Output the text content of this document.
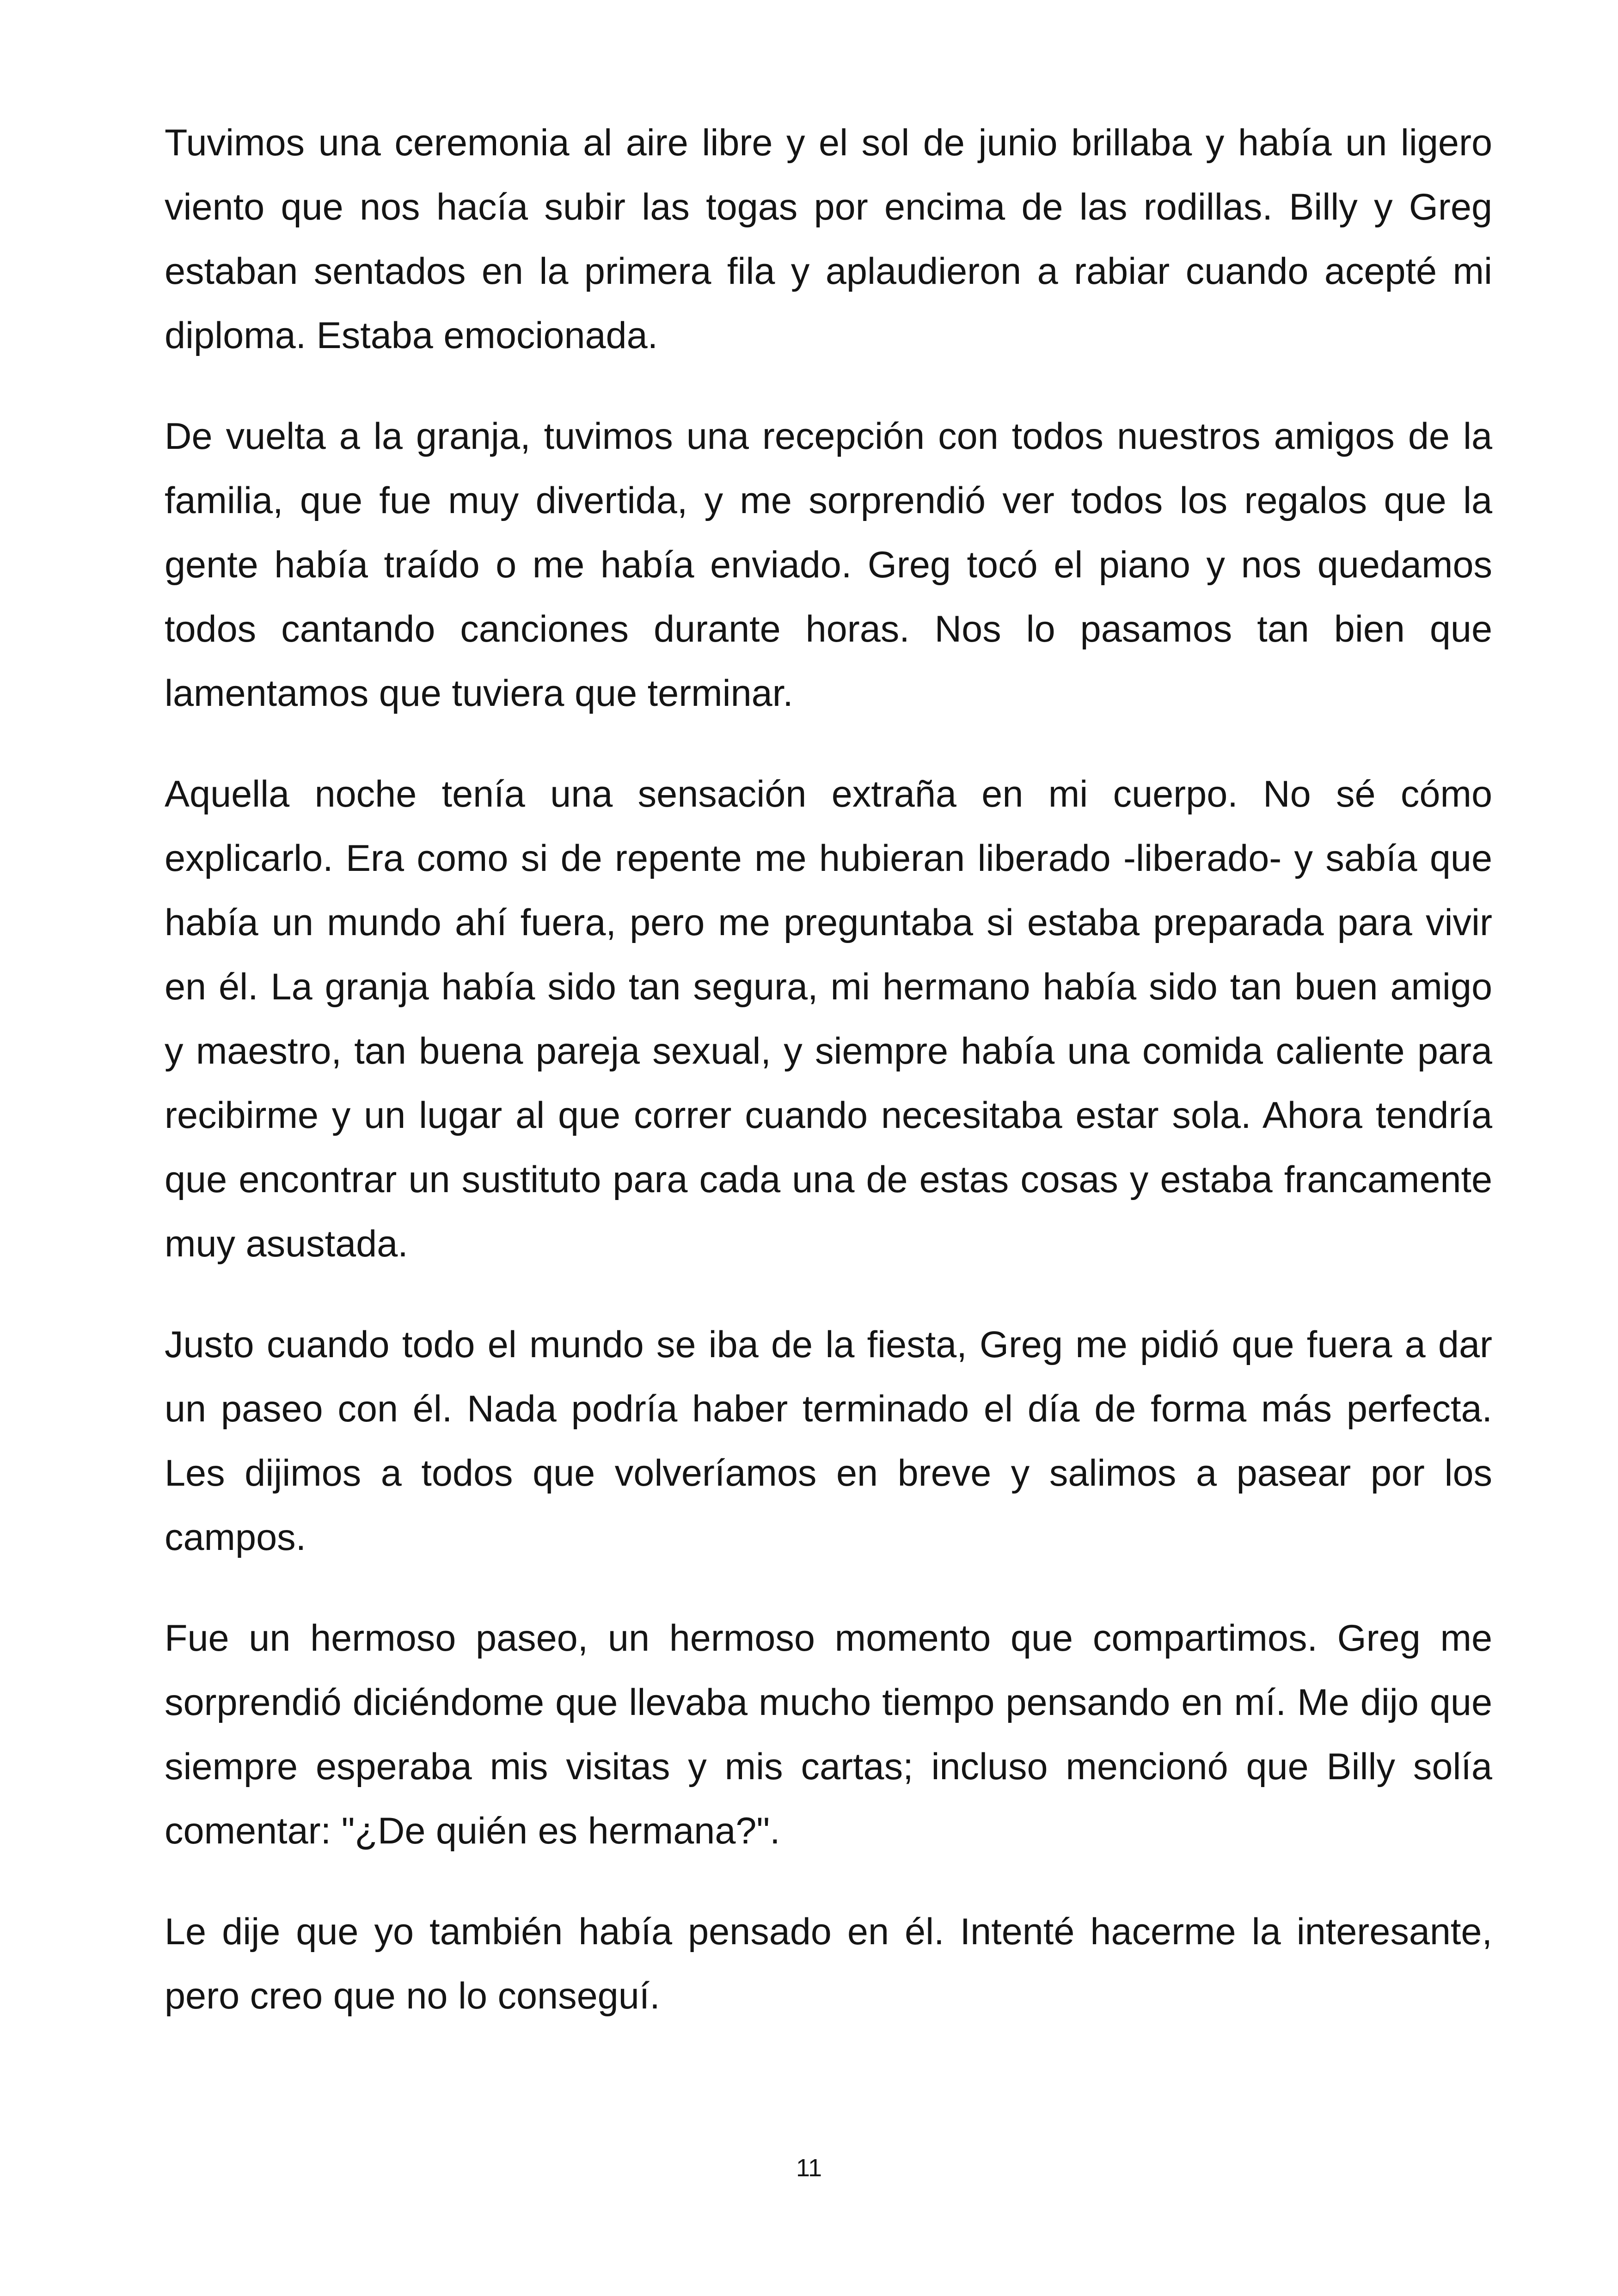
Tuvimos una ceremonia al aire libre y el sol de junio brillaba y había un ligero viento que nos hacía subir las togas por encima de las rodillas. Billy y Greg estaban sentados en la primera fila y aplaudieron a rabiar cuando acepté mi diploma. Estaba emocionada.

De vuelta a la granja, tuvimos una recepción con todos nuestros amigos de la familia, que fue muy divertida, y me sorprendió ver todos los regalos que la gente había traído o me había enviado. Greg tocó el piano y nos quedamos todos cantando canciones durante horas. Nos lo pasamos tan bien que lamentamos que tuviera que terminar.

Aquella noche tenía una sensación extraña en mi cuerpo. No sé cómo explicarlo. Era como si de repente me hubieran liberado -liberado- y sabía que había un mundo ahí fuera, pero me preguntaba si estaba preparada para vivir en él. La granja había sido tan segura, mi hermano había sido tan buen amigo y maestro, tan buena pareja sexual, y siempre había una comida caliente para recibirme y un lugar al que correr cuando necesitaba estar sola. Ahora tendría que encontrar un sustituto para cada una de estas cosas y estaba francamente muy asustada.

Justo cuando todo el mundo se iba de la fiesta, Greg me pidió que fuera a dar un paseo con él. Nada podría haber terminado el día de forma más perfecta. Les dijimos a todos que volveríamos en breve y salimos a pasear por los campos.

Fue un hermoso paseo, un hermoso momento que compartimos. Greg me sorprendió diciéndome que llevaba mucho tiempo pensando en mí. Me dijo que siempre esperaba mis visitas y mis cartas; incluso mencionó que Billy solía comentar: "¿De quién es hermana?".

Le dije que yo también había pensado en él. Intenté hacerme la interesante, pero creo que no lo conseguí.

11
